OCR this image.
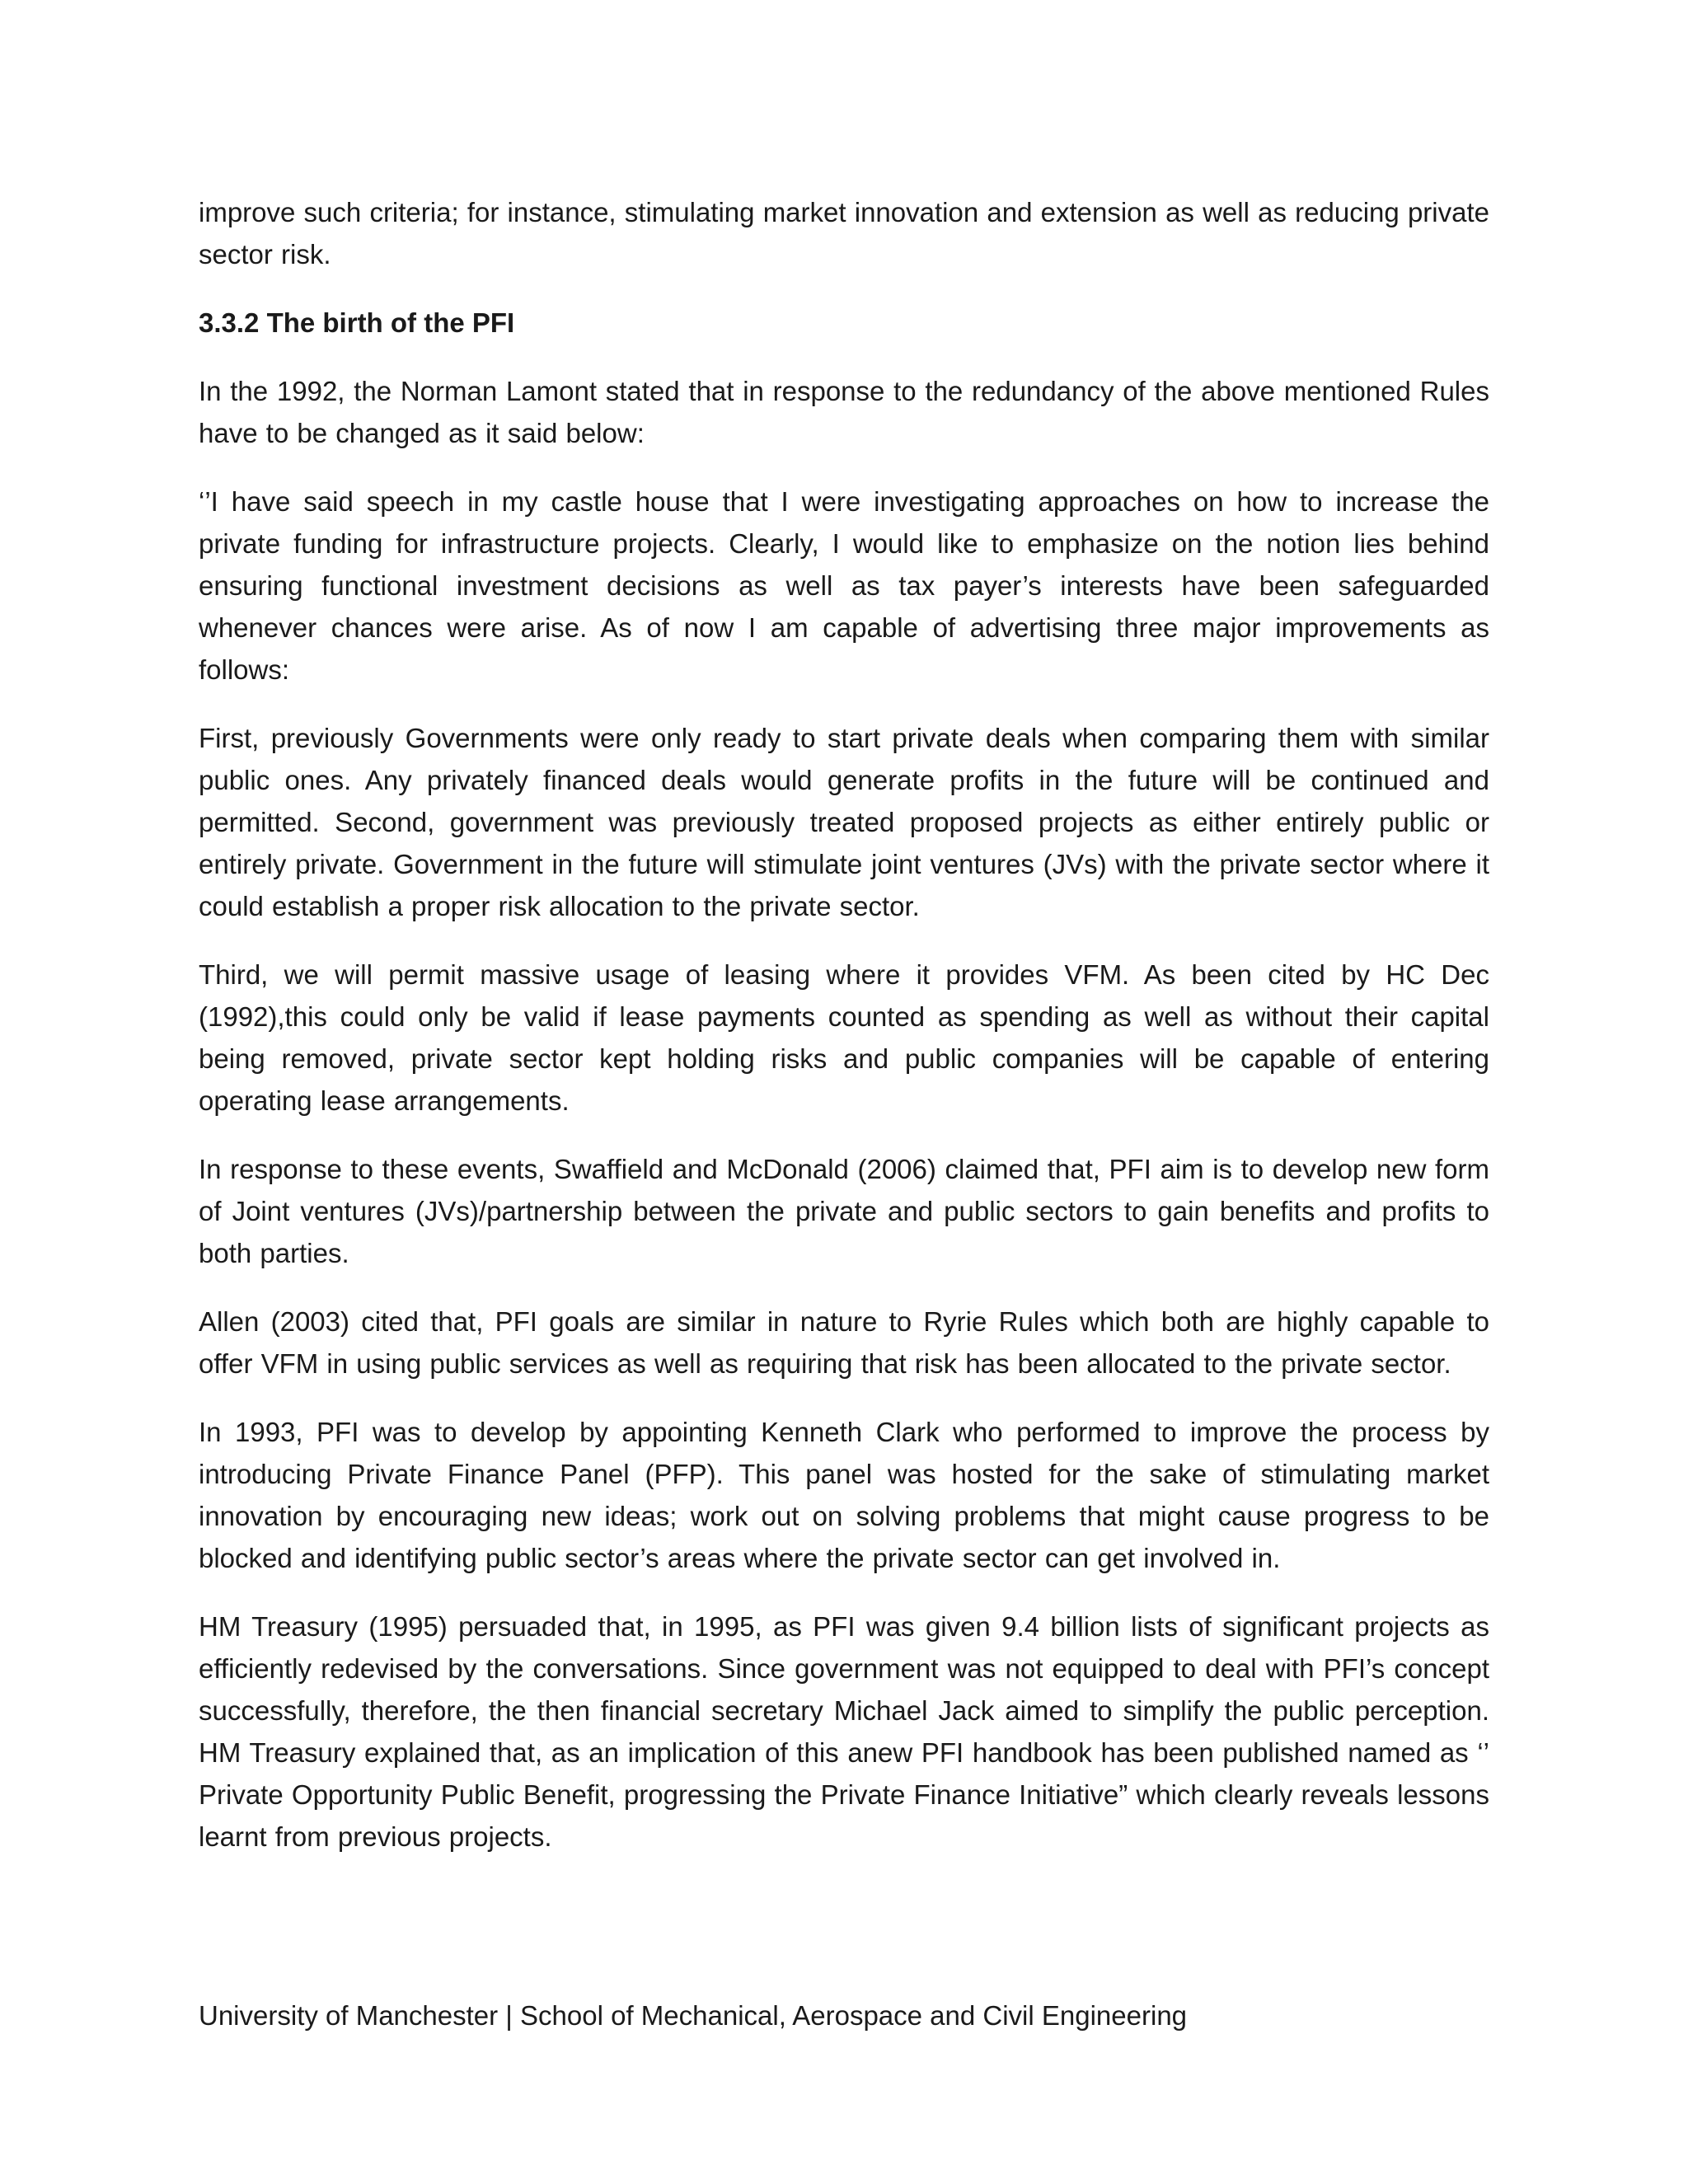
improve such criteria; for instance, stimulating market innovation and extension as well as reducing private sector risk.

3.3.2 The birth of the PFI

In the 1992, the Norman Lamont stated that in response to the redundancy of the above mentioned Rules have to be changed as it said below:

‘’I have said speech in my castle house that I were investigating approaches on how to increase the private funding for infrastructure projects. Clearly, I would like to emphasize on the notion lies behind ensuring functional investment decisions as well as tax payer’s interests have been safeguarded whenever chances were arise. As of now I am capable of advertising three major improvements as follows:

First, previously Governments were only ready to start private deals when comparing them with similar public ones. Any privately financed deals would generate profits in the future will be continued and permitted. Second, government was previously treated proposed projects as either entirely public or entirely private. Government in the future will stimulate joint ventures (JVs) with the private sector where it could establish a proper risk allocation to the private sector.

Third, we will permit massive usage of leasing where it provides VFM. As been cited by HC Dec (1992),this could only be valid if lease payments counted as spending as well as without their capital being removed, private sector kept holding risks and public companies will be capable of entering operating lease arrangements.

In response to these events, Swaffield and McDonald (2006) claimed that, PFI aim is to develop new form of Joint ventures (JVs)/partnership between the private and public sectors to gain benefits and profits to both parties.

Allen (2003) cited that, PFI goals are similar in nature to Ryrie Rules which both are highly capable to offer VFM in using public services as well as requiring that risk has been allocated to the private sector.

In 1993, PFI was to develop by appointing Kenneth Clark who performed to improve the process by introducing Private Finance Panel (PFP). This panel was hosted for the sake of stimulating market innovation by encouraging new ideas; work out on solving problems that might cause progress to be blocked and identifying public sector’s areas where the private sector can get involved in.

HM Treasury (1995) persuaded that, in 1995, as PFI was given 9.4 billion lists of significant projects as efficiently redevised by the conversations. Since government was not equipped to deal with PFI’s concept successfully, therefore, the then financial secretary Michael Jack aimed to simplify the public perception. HM Treasury explained that, as an implication of this anew PFI handbook has been published named as ‘’ Private Opportunity Public Benefit, progressing the Private Finance Initiative” which clearly reveals lessons learnt from previous projects.

University of Manchester | School of Mechanical, Aerospace and Civil Engineering
